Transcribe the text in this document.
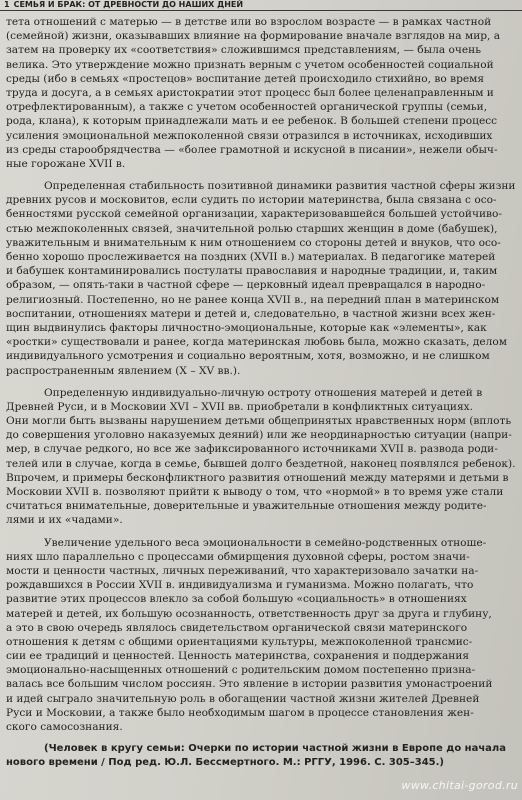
1 СЕМЬЯ И БРАК: ОТ ДРЕВНОСТИ ДО НАШИХ ДНЕЙ
тета отношений с матерью — в детстве или во взрослом возрасте — в рамках частной
(семейной) жизни, оказывавших влияние на формирование вначале взглядов на мир, а
затем на проверку их «соответствия» сложившимся представлениям, — была очень
велика. Это утверждение можно признать верным с учетом особенностей социальной
среды (ибо в семьях «простецов» воспитание детей происходило стихийно, во время
труда и досуга, а в семьях аристократии этот процесс был более целенаправленным и
отрефлектированным), а также с учетом особенностей органической группы (семьи,
рода, клана), к которым принадлежали мать и ее ребенок. В большей степени процесс
усиления эмоциональной межпоколенной связи отразился в источниках, исходивших
из среды старообрядчества — «более грамотной и искусной в писании», нежели обыч-
ные горожане XVII в.
Определенная стабильность позитивной динамики развития частной сферы жизни
древних русов и московитов, если судить по истории материнства, была связана с осо-
бенностями русской семейной организации, характеризовавшейся большей устойчиво-
стью межпоколенных связей, значительной ролью старших женщин в доме (бабушек),
уважительным и внимательным к ним отношением со стороны детей и внуков, что осо-
бенно хорошо прослеживается на поздних (XVII в.) материалах. В педагогике матерей
и бабушек контаминировались постулаты православия и народные традиции, и, таким
образом, — опять-таки в частной сфере — церковный идеал превращался в народно-
религиозный. Постепенно, но не ранее конца XVII в., на передний план в материнском
воспитании, отношениях матери и детей и, следовательно, в частной жизни всех жен-
щин выдвинулись факторы личностно-эмоциональные, которые как «элементы», как
«ростки» существовали и ранее, когда материнская любовь была, можно сказать, делом
индивидуального усмотрения и социально вероятным, хотя, возможно, и не слишком
распространенным явлением (X – XV вв.).
Определенную индивидуально-личную остроту отношения матерей и детей в
Древней Руси, и в Московии XVI – XVII вв. приобретали в конфликтных ситуациях.
Они могли быть вызваны нарушением детьми общепринятых нравственных норм (вплоть
до совершения уголовно наказуемых деяний) или же неординарностью ситуации (напри-
мер, в случае редкого, но все же зафиксированного источниками XVII в. развода роди-
телей или в случае, когда в семье, бывшей долго бездетной, наконец появлялся ребенок).
Впрочем, и примеры бесконфликтного развития отношений между матерями и детьми в
Московии XVII в. позволяют прийти к выводу о том, что «нормой» в то время уже стали
считаться внимательные, доверительные и уважительные отношения между родите-
лями и их «чадами».
Увеличение удельного веса эмоциональности в семейно-родственных отноше-
ниях шло параллельно с процессами обмирщения духовной сферы, ростом значи-
мости и ценности частных, личных переживаний, что характеризовало зачатки на-
рождавшихся в России XVII в. индивидуализма и гуманизма. Можно полагать, что
развитие этих процессов влекло за собой большую «социальность» в отношениях
матерей и детей, их большую осознанность, ответственность друг за друга и глубину,
а это в свою очередь являлось свидетельством органической связи материнского
отношения к детям с общими ориентациями культуры, межпоколенной трансмис-
сии ее традиций и ценностей. Ценность материнства, сохранения и поддержания
эмоционально-насыщенных отношений с родительским домом постепенно призна-
валась все большим числом россиян. Это явление в истории развития умонастроений
и идей сыграло значительную роль в обогащении частной жизни жителей Древней
Руси и Московии, а также было необходимым шагом в процессе становления жен-
ского самосознания.
(Человек в кругу семьи: Очерки по истории частной жизни в Европе до начала
нового времени / Под ред. Ю.Л. Бессмертного. М.: РГГУ, 1996. С. 305–345.)
www.chitai-gorod.ru
